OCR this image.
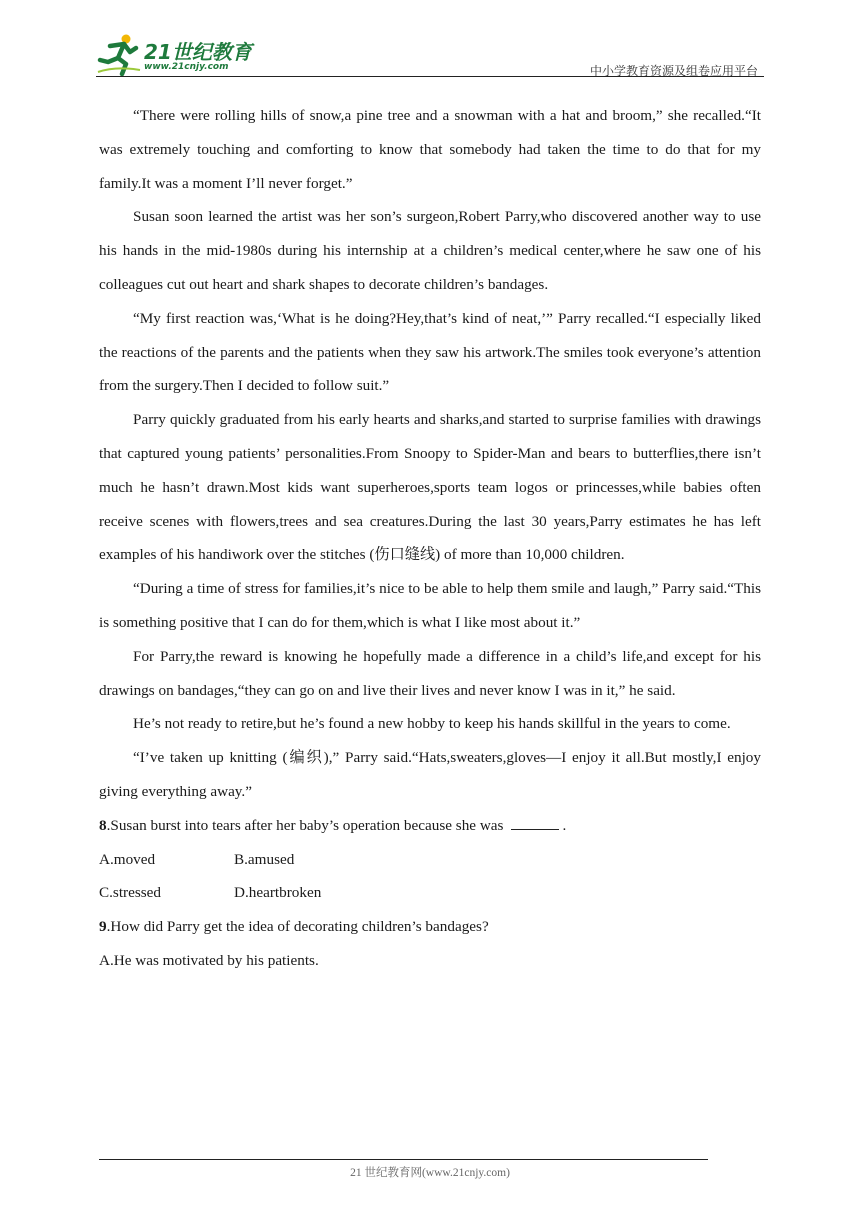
21世纪教育
www.21cnjy.com	中小学教育资源及组卷应用平台

“There were rolling hills of snow,a pine tree and a snowman with a hat and broom,” she recalled.“It was extremely touching and comforting to know that somebody had taken the time to do that for my family.It was a moment I’ll never forget.”

Susan soon learned the artist was her son’s surgeon,Robert Parry,who discovered another way to use his hands in the mid-1980s during his internship at a children’s medical center,where he saw one of his colleagues cut out heart and shark shapes to decorate children’s bandages.

“My first reaction was,‘What is he doing?Hey,that’s kind of neat,’” Parry recalled.“I especially liked the reactions of the parents and the patients when they saw his artwork.The smiles took everyone’s attention from the surgery.Then I decided to follow suit.”

Parry quickly graduated from his early hearts and sharks,and started to surprise families with drawings that captured young patients’ personalities.From Snoopy to Spider-Man and bears to butterflies,there isn’t much he hasn’t drawn.Most kids want superheroes,sports team logos or princesses,while babies often receive scenes with flowers,trees and sea creatures.During the last 30 years,Parry estimates he has left examples of his handiwork over the stitches (伤口缝线) of more than 10,000 children.

“During a time of stress for families,it’s nice to be able to help them smile and laugh,” Parry said.“This is something positive that I can do for them,which is what I like most about it.”

For Parry,the reward is knowing he hopefully made a difference in a child’s life,and except for his drawings on bandages,“they can go on and live their lives and never know I was in it,” he said.

He’s not ready to retire,but he’s found a new hobby to keep his hands skillful in the years to come.

“I’ve taken up knitting (编织),” Parry said.“Hats,sweaters,gloves—I enjoy it all.But mostly,I enjoy giving everything away.”

8.Susan burst into tears after her baby’s operation because she was	.

A.moved	B.amused

C.stressed	D.heartbroken

9.How did Parry get the idea of decorating children’s bandages?

A.He was motivated by his patients.

21 世纪教育网(www.21cnjy.com)
